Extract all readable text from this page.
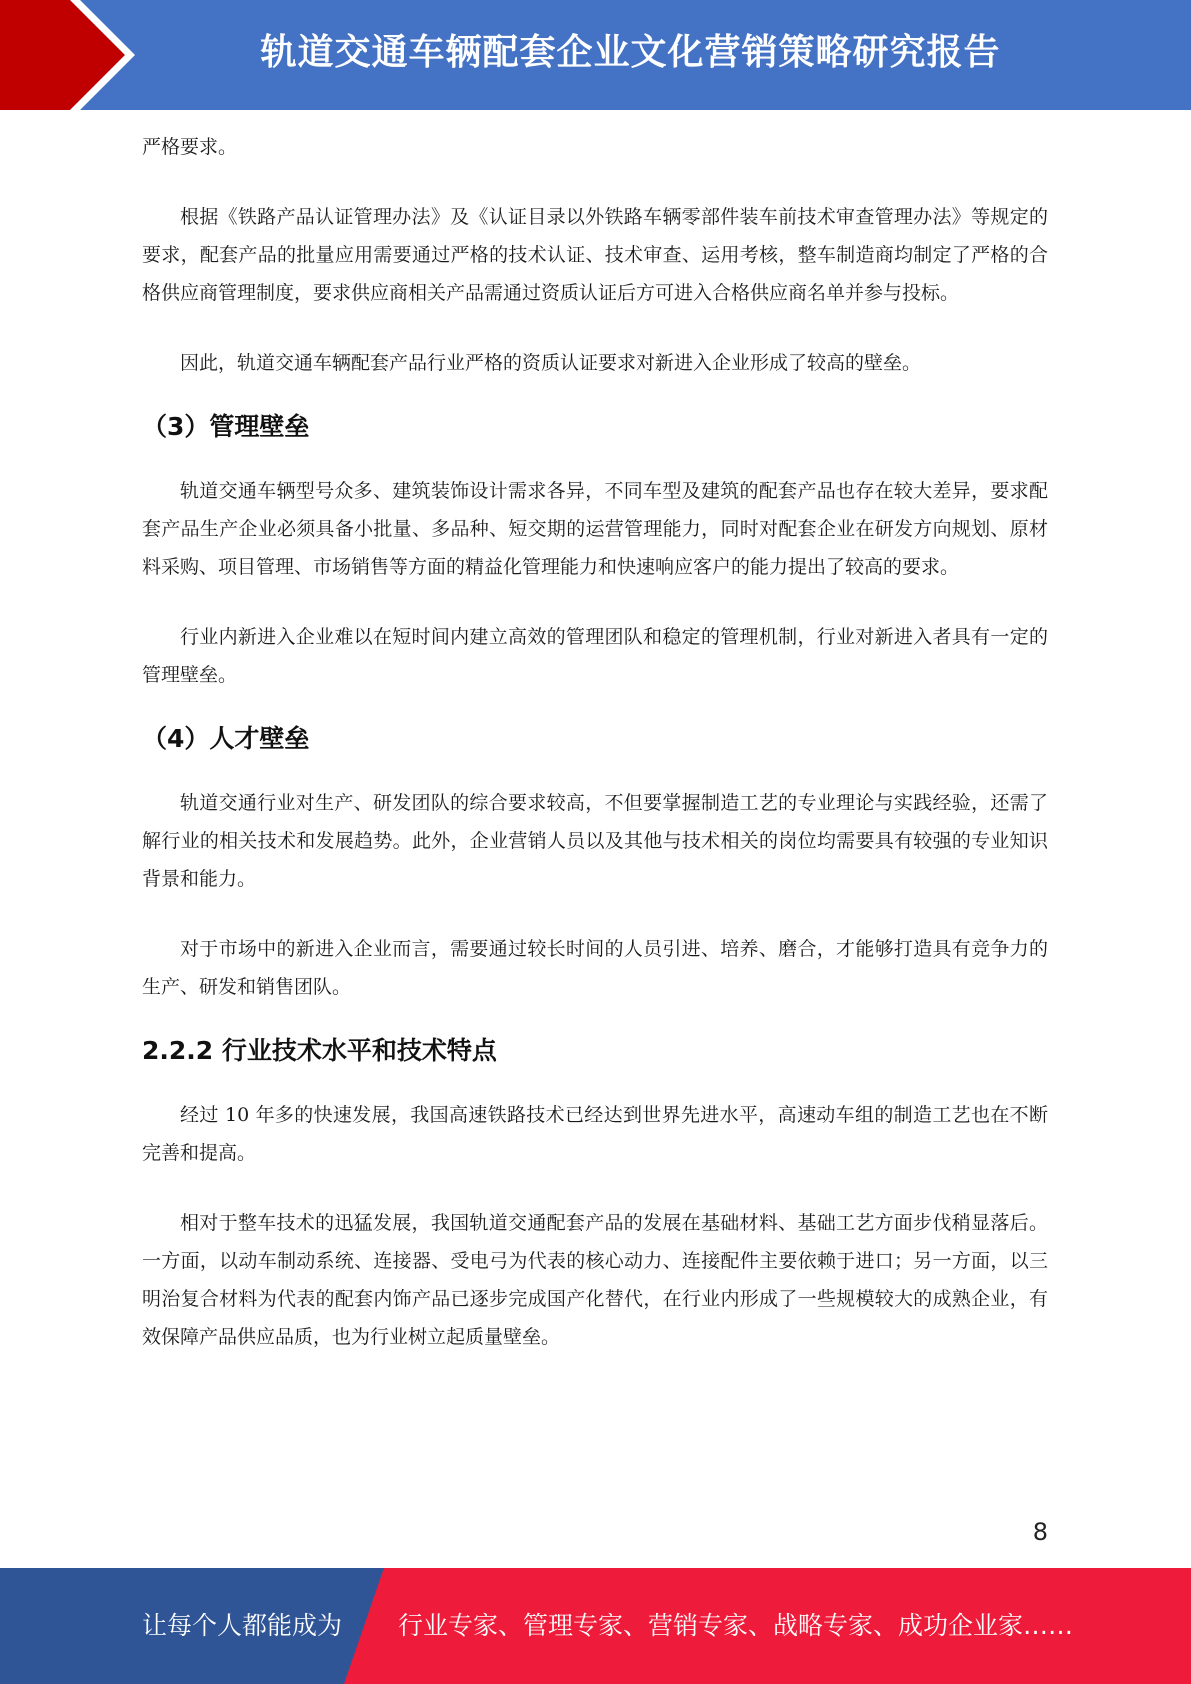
轨道交通车辆配套企业文化营销策略研究报告

严格要求。

根据《铁路产品认证管理办法》及《认证目录以外铁路车辆零部件装车前技术审查管理办法》等规定的要求，配套产品的批量应用需要通过严格的技术认证、技术审查、运用考核，整车制造商均制定了严格的合格供应商管理制度，要求供应商相关产品需通过资质认证后方可进入合格供应商名单并参与投标。

因此，轨道交通车辆配套产品行业严格的资质认证要求对新进入企业形成了较高的壁垒。

（3）管理壁垒

轨道交通车辆型号众多、建筑装饰设计需求各异，不同车型及建筑的配套产品也存在较大差异，要求配套产品生产企业必须具备小批量、多品种、短交期的运营管理能力，同时对配套企业在研发方向规划、原材料采购、项目管理、市场销售等方面的精益化管理能力和快速响应客户的能力提出了较高的要求。

行业内新进入企业难以在短时间内建立高效的管理团队和稳定的管理机制，行业对新进入者具有一定的管理壁垒。

（4）人才壁垒

轨道交通行业对生产、研发团队的综合要求较高，不但要掌握制造工艺的专业理论与实践经验，还需了解行业的相关技术和发展趋势。此外，企业营销人员以及其他与技术相关的岗位均需要具有较强的专业知识背景和能力。

对于市场中的新进入企业而言，需要通过较长时间的人员引进、培养、磨合，才能够打造具有竞争力的生产、研发和销售团队。

2.2.2 行业技术水平和技术特点

经过 10 年多的快速发展，我国高速铁路技术已经达到世界先进水平，高速动车组的制造工艺也在不断完善和提高。

相对于整车技术的迅猛发展，我国轨道交通配套产品的发展在基础材料、基础工艺方面步伐稍显落后。一方面，以动车制动系统、连接器、受电弓为代表的核心动力、连接配件主要依赖于进口；另一方面，以三明治复合材料为代表的配套内饰产品已逐步完成国产化替代，在行业内形成了一些规模较大的成熟企业，有效保障产品供应品质，也为行业树立起质量壁垒。

8
让每个人都能成为 行业专家、管理专家、营销专家、战略专家、成功企业家……
